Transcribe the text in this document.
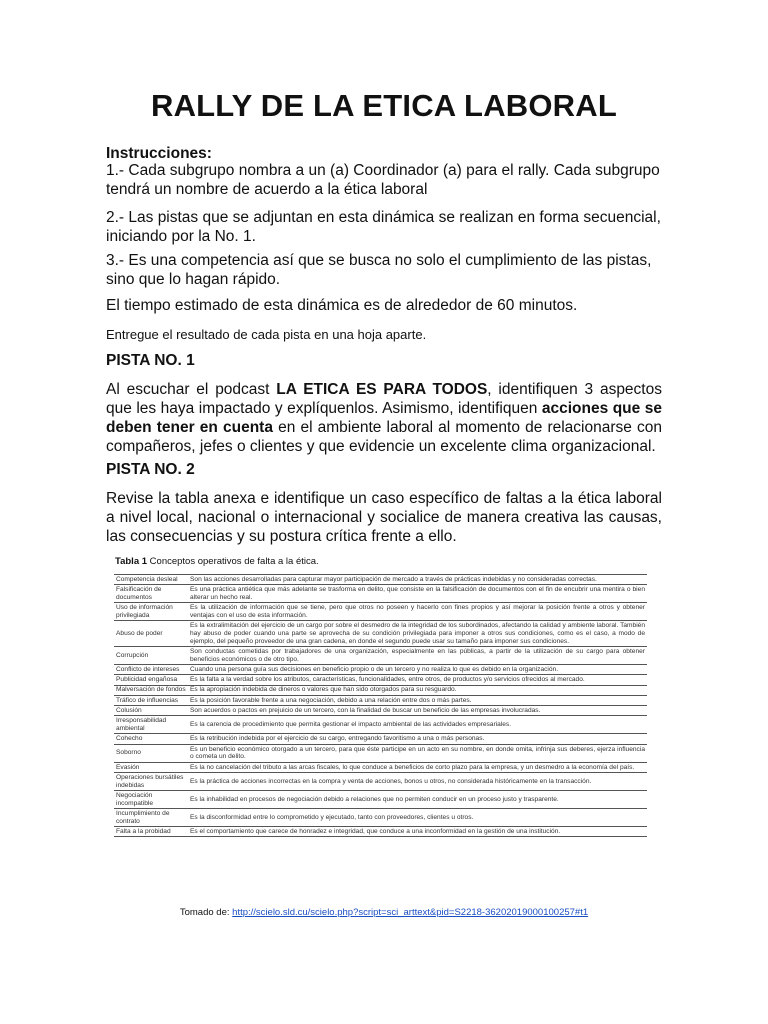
RALLY DE LA ETICA LABORAL

Instrucciones:

1.- Cada subgrupo nombra a un (a) Coordinador (a) para el rally. Cada subgrupo tendrá un nombre de acuerdo a la ética laboral

2.- Las pistas que se adjuntan en esta dinámica se realizan en forma secuencial, iniciando por la No. 1.

3.- Es una competencia así que se busca no solo el cumplimiento de las pistas, sino que lo hagan rápido.

El tiempo estimado de esta dinámica es de alrededor de 60 minutos.

Entregue el resultado de cada pista en una hoja aparte.

PISTA NO. 1

Al escuchar el podcast LA ETICA ES PARA TODOS, identifiquen 3 aspectos que les haya impactado y explíquenlos. Asimismo, identifiquen acciones que se deben tener en cuenta en el ambiente laboral al momento de relacionarse con compañeros, jefes o clientes y que evidencie un excelente clima organizacional.

PISTA NO. 2

Revise la tabla anexa e identifique un caso específico de faltas a la ética laboral a nivel local, nacional o internacional y socialice de manera creativa las causas, las consecuencias y su postura crítica frente a ello.

Tabla 1 Conceptos operativos de falta a la ética.

Competencia desleal	Son las acciones desarrolladas para capturar mayor participación de mercado a través de prácticas indebidas y no consideradas correctas.
Falsificación de documentos	Es una práctica antiética que más adelante se trasforma en delito, que consiste en la falsificación de documentos con el fin de encubrir una mentira o bien alterar un hecho real.
Uso de información privilegiada	Es la utilización de información que se tiene, pero que otros no poseen y hacerlo con fines propios y así mejorar la posición frente a otros y obtener ventajas con el uso de esta información.
Abuso de poder	Es la extralimitación del ejercicio de un cargo por sobre el desmedro de la integridad de los subordinados, afectando la calidad y ambiente laboral. También hay abuso de poder cuando una parte se aprovecha de su condición privilegiada para imponer a otros sus condiciones, como es el caso, a modo de ejemplo, del pequeño proveedor de una gran cadena, en donde el segundo puede usar su tamaño para imponer sus condiciones.
Corrupción	Son conductas cometidas por trabajadores de una organización, especialmente en las públicas, a partir de la utilización de su cargo para obtener beneficios económicos o de otro tipo.
Conflicto de intereses	Cuando una persona guía sus decisiones en beneficio propio o de un tercero y no realiza lo que es debido en la organización.
Publicidad engañosa	Es la falta a la verdad sobre los atributos, características, funcionalidades, entre otros, de productos y/o servicios ofrecidos al mercado.
Malversación de fondos	Es la apropiación indebida de dineros o valores que han sido otorgados para su resguardo.
Tráfico de influencias	Es la posición favorable frente a una negociación, debido a una relación entre dos o más partes.
Colusión	Son acuerdos o pactos en prejuicio de un tercero, con la finalidad de buscar un beneficio de las empresas involucradas.
Irresponsabilidad ambiental	Es la carencia de procedimiento que permita gestionar el impacto ambiental de las actividades empresariales.
Cohecho	Es la retribución indebida por el ejercicio de su cargo, entregando favoritismo a una o más personas.
Soborno	Es un beneficio económico otorgado a un tercero, para que éste participe en un acto en su nombre, en donde omita, infrinja sus deberes, ejerza influencia o cometa un delito.
Evasión	Es la no cancelación del tributo a las arcas fiscales, lo que conduce a beneficios de corto plazo para la empresa, y un desmedro a la economía del país.
Operaciones bursátiles indebidas	Es la práctica de acciones incorrectas en la compra y venta de acciones, bonos u otros, no considerada históricamente en la transacción.
Negociación incompatible	Es la inhabilidad en procesos de negociación debido a relaciones que no permiten conducir en un proceso justo y trasparente.
Incumplimiento de contrato	Es la disconformidad entre lo comprometido y ejecutado, tanto con proveedores, clientes u otros.
Falta a la probidad	Es el comportamiento que carece de honradez e integridad, que conduce a una inconformidad en la gestión de una institución.

Tomado de: http://scielo.sld.cu/scielo.php?script=sci_arttext&pid=S2218-36202019000100257#t1
